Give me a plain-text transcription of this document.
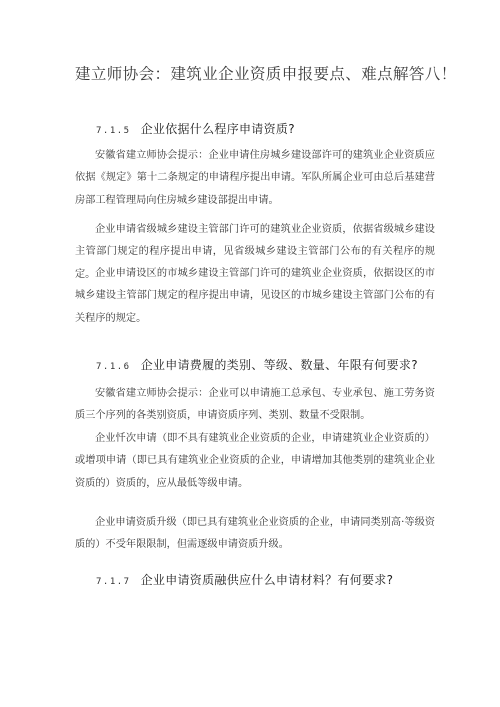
建立师协会：建筑业企业资质申报要点、难点解答八！
7.1.5 企业依据什么程序申请资质?
安徽省建立师协会提示：企业申请住房城乡建设部许可的建筑业企业资质应依据《规定》第十二条规定的申请程序提出申请。军队所属企业可由总后基建营房部工程管理局向住房城乡建设部提出申请。
企业申请省级城乡建设主管部门许可的建筑业企业资质，依据省级城乡建设主管部门规定的程序提出申请，见省级城乡建设主管部门公布的有关程序的规定。 企业申请设区的市城乡建设主管部门许可的建筑业企业资质，依据设区的市城乡建设主管部门规定的程序提出申请，见设区的市城乡建设主管部门公布的有关程序的规定。
7.1.6 企业申请费履的类别、等级、数量、年限有何要求?
安徽省建立师协会提示：企业可以申请施工总承包、专业承包、施工劳务资质三个序列的各类别资质，申请资质序列、类别、数量不受限制。
企业忏次申请（即不具有建筑业企业资质的企业，申请建筑业企业资质的）或增项申请（即已具有建筑业企业资质的企业，申请增加其他类别的建筑业企业资质的）资质的，应从最低等级申请。
企业申请资质升级（即已具有建筑业企业资质的企业，申请同类别高·等级资质的）不受年限限制，但需逐级申请资质升级。
7.1.7 企业申请资质融供应什么申请材料？有何要求?
